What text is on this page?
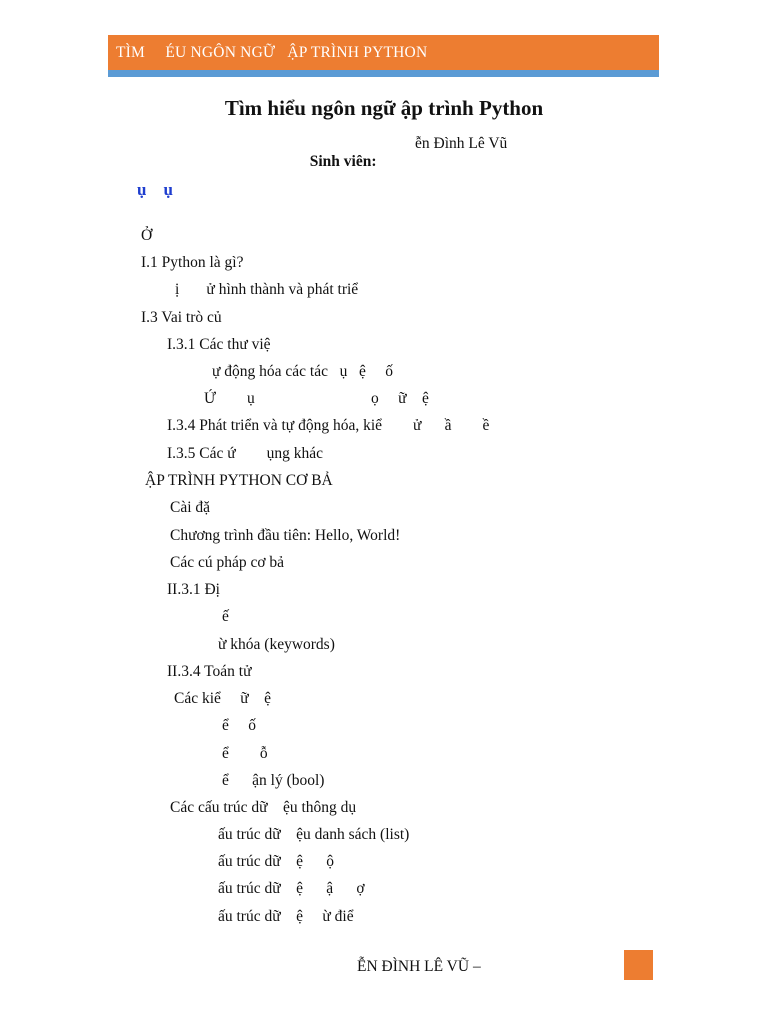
TÌM     ÉU NGÔN NGỮ   ẬP TRÌNH PYTHON
Tìm hiểu ngôn ngữ ập trình Python

Sinh viên:

ễn Đình Lê Vũ

ụ    ụ
Ở
I.1 Python là gì?
ị       ử hình thành và phát triể
I.3 Vai trò củ
I.3.1 Các thư việ
ự động hóa các tác   ụ   ệ     ố
Ứ        ụ                              ọ     ữ    ệ
I.3.4 Phát triển và tự động hóa, kiể        ử      ầ        ề
I.3.5 Các ứ        ụng khác
ẬP TRÌNH PYTHON CƠ BẢ
Cài đặ
Chương trình đầu tiên: Hello, World!
Các cú pháp cơ bả
II.3.1 Đị
ế
ừ khóa (keywords)
II.3.4 Toán tử
Các kiể     ữ    ệ
ể     ố
ể        ỗ
ể      ận lý (bool)
Các cấu trúc dữ    ệu thông dụ
ấu trúc dữ    ệu danh sách (list)
ấu trúc dữ    ệ      ộ
ấu trúc dữ    ệ      ậ      ợ
ấu trúc dữ    ệ     ừ điể
ỄN ĐÌNH LÊ VŨ –
